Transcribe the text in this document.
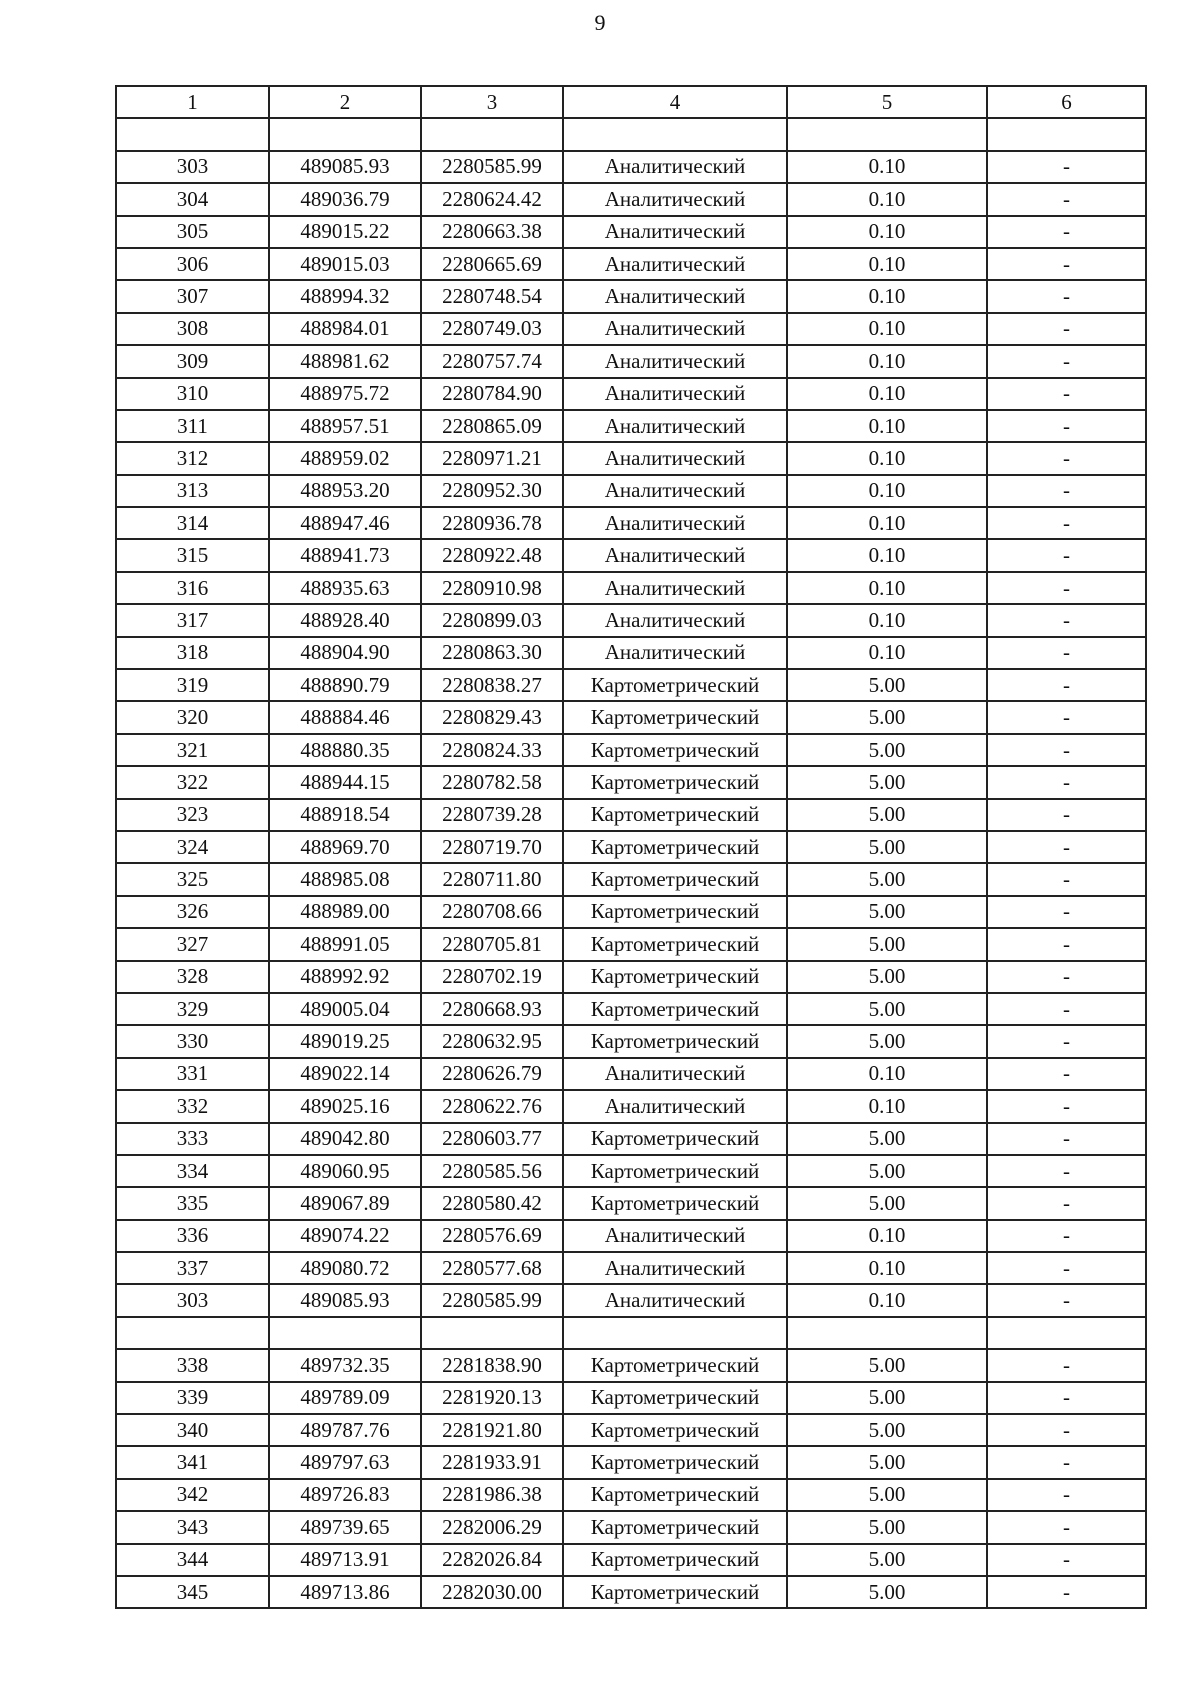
9
1	2	3	4	5	6

303	489085.93	2280585.99	Аналитический	0.10	-
304	489036.79	2280624.42	Аналитический	0.10	-
305	489015.22	2280663.38	Аналитический	0.10	-
306	489015.03	2280665.69	Аналитический	0.10	-
307	488994.32	2280748.54	Аналитический	0.10	-
308	488984.01	2280749.03	Аналитический	0.10	-
309	488981.62	2280757.74	Аналитический	0.10	-
310	488975.72	2280784.90	Аналитический	0.10	-
311	488957.51	2280865.09	Аналитический	0.10	-
312	488959.02	2280971.21	Аналитический	0.10	-
313	488953.20	2280952.30	Аналитический	0.10	-
314	488947.46	2280936.78	Аналитический	0.10	-
315	488941.73	2280922.48	Аналитический	0.10	-
316	488935.63	2280910.98	Аналитический	0.10	-
317	488928.40	2280899.03	Аналитический	0.10	-
318	488904.90	2280863.30	Аналитический	0.10	-
319	488890.79	2280838.27	Картометрический	5.00	-
320	488884.46	2280829.43	Картометрический	5.00	-
321	488880.35	2280824.33	Картометрический	5.00	-
322	488944.15	2280782.58	Картометрический	5.00	-
323	488918.54	2280739.28	Картометрический	5.00	-
324	488969.70	2280719.70	Картометрический	5.00	-
325	488985.08	2280711.80	Картометрический	5.00	-
326	488989.00	2280708.66	Картометрический	5.00	-
327	488991.05	2280705.81	Картометрический	5.00	-
328	488992.92	2280702.19	Картометрический	5.00	-
329	489005.04	2280668.93	Картометрический	5.00	-
330	489019.25	2280632.95	Картометрический	5.00	-
331	489022.14	2280626.79	Аналитический	0.10	-
332	489025.16	2280622.76	Аналитический	0.10	-
333	489042.80	2280603.77	Картометрический	5.00	-
334	489060.95	2280585.56	Картометрический	5.00	-
335	489067.89	2280580.42	Картометрический	5.00	-
336	489074.22	2280576.69	Аналитический	0.10	-
337	489080.72	2280577.68	Аналитический	0.10	-
303	489085.93	2280585.99	Аналитический	0.10	-

338	489732.35	2281838.90	Картометрический	5.00	-
339	489789.09	2281920.13	Картометрический	5.00	-
340	489787.76	2281921.80	Картометрический	5.00	-
341	489797.63	2281933.91	Картометрический	5.00	-
342	489726.83	2281986.38	Картометрический	5.00	-
343	489739.65	2282006.29	Картометрический	5.00	-
344	489713.91	2282026.84	Картометрический	5.00	-
345	489713.86	2282030.00	Картометрический	5.00	-
